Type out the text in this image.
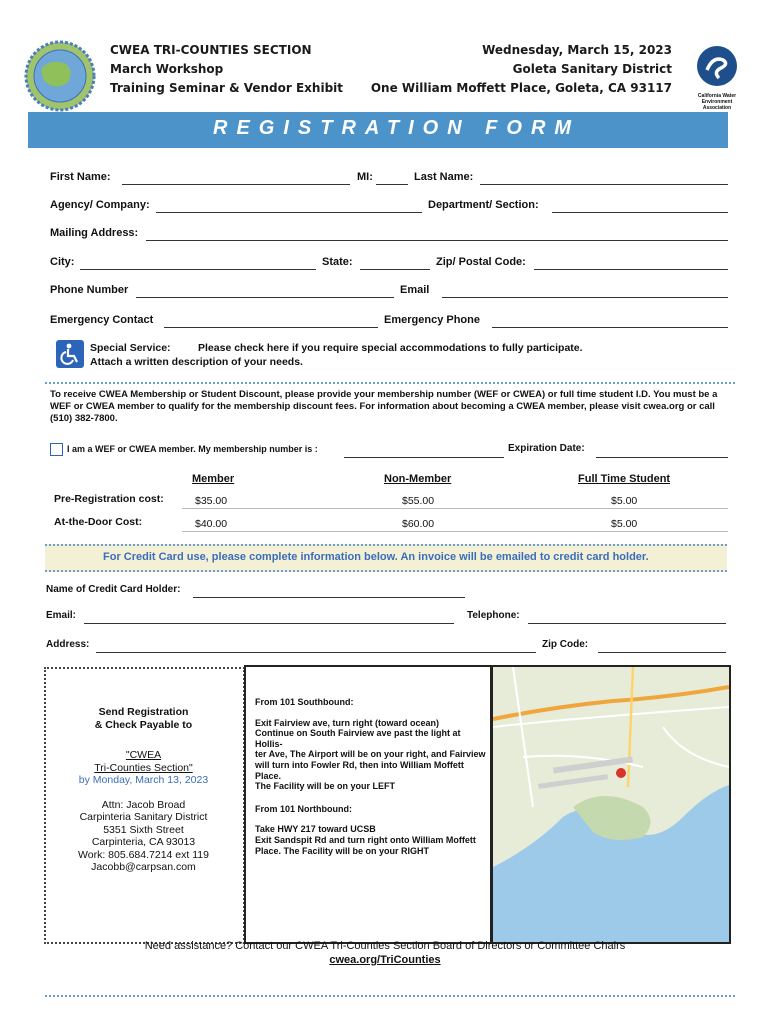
CWEA TRI-COUNTIES SECTION
March Workshop
Training Seminar & Vendor Exhibit
Wednesday, March 15, 2023
Goleta Sanitary District
One William Moffett Place, Goleta, CA 93117
California Water Environment Association
REGISTRATION FORM
First Name:	MI:	Last Name:
Agency/ Company:	Department/ Section:
Mailing Address:
City:	State:	Zip/ Postal Code:
Phone Number	Email
Emergency Contact	Emergency Phone
Special Service:	Please check here if you require special accommodations to fully participate.
Attach a written description of your needs.
To receive CWEA Membership or Student Discount, please provide your membership number (WEF or CWEA) or full time student I.D. You must be a WEF or CWEA member to qualify for the membership discount fees. For information about becoming a CWEA member, please visit cwea.org or call (510) 382-7800.
I am a WEF or CWEA member. My membership number is :	Expiration Date:
Member	Non-Member	Full Time Student
Pre-Registration cost:	$35.00	$55.00	$5.00
At-the-Door Cost:	$40.00	$60.00	$5.00
For Credit Card use, please complete information below. An invoice will be emailed to credit card holder.
Name of Credit Card Holder:
Email:	Telephone:
Address:	Zip Code:
Send Registration
& Check Payable to
"CWEA
Tri-Counties Section"
by Monday, March 13, 2023
Attn: Jacob Broad
Carpinteria Sanitary District
5351 Sixth Street
Carpinteria, CA 93013
Work: 805.684.7214 ext 119
Jacobb@carpsan.com
From 101 Southbound:
Exit Fairview ave, turn right (toward ocean)
Continue on South Fairview ave past the light at Hollis-
ter Ave, The Airport will be on your right, and Fairview
will turn into Fowler Rd, then into William Moffett
Place.
The Facility will be on your LEFT
From 101 Northbound:
Take HWY 217 toward UCSB
Exit Sandspit Rd and turn right onto William Moffett
Place. The Facility will be on your RIGHT
Need assistance? Contact our CWEA Tri-Counties Section Board of Directors or Committee Chairs
cwea.org/TriCounties
